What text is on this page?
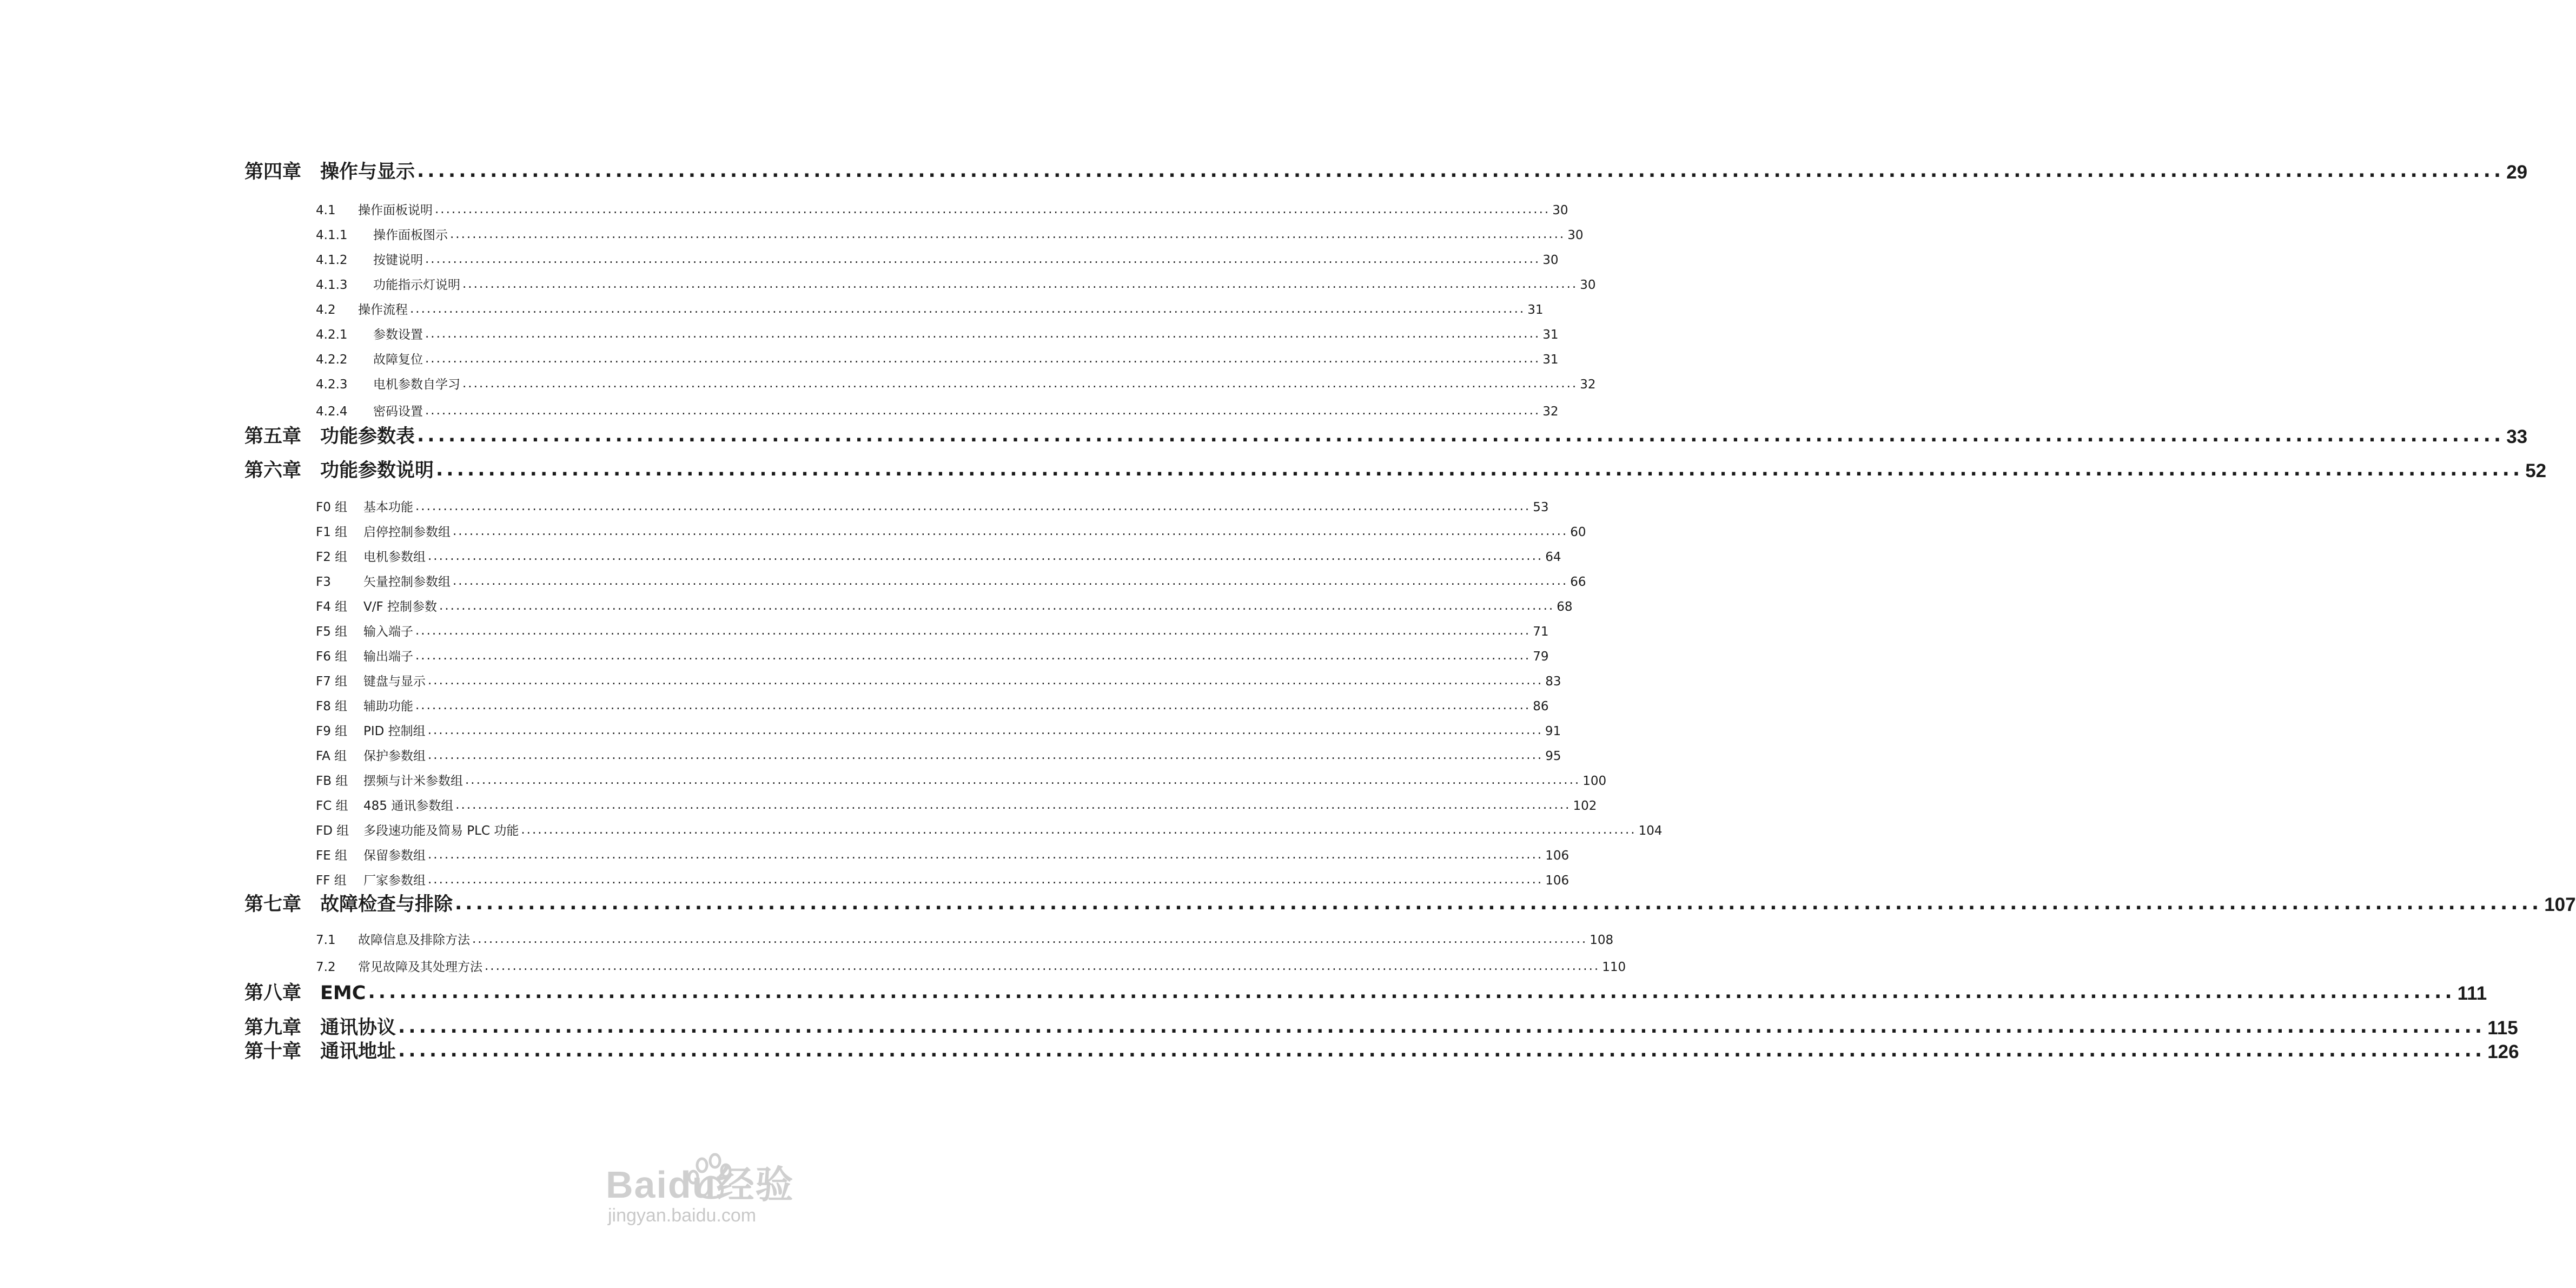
第四章 操作与显示 ........................................................................................................................................................................................................ 29
4.1	操作面板说明 ........................................................................................................................................................................................................ 30
4.1.1	操作面板图示 ........................................................................................................................................................................................................ 30
4.1.2	按键说明 ........................................................................................................................................................................................................ 30
4.1.3	功能指示灯说明 ........................................................................................................................................................................................................ 30
4.2	操作流程 ........................................................................................................................................................................................................ 31
4.2.1	参数设置 ........................................................................................................................................................................................................ 31
4.2.2	故障复位 ........................................................................................................................................................................................................ 31
4.2.3	电机参数自学习 ........................................................................................................................................................................................................ 32
4.2.4	密码设置 ........................................................................................................................................................................................................ 32
第五章 功能参数表 ........................................................................................................................................................................................................ 33
第六章 功能参数说明 ........................................................................................................................................................................................................ 52
F0 组	基本功能 ........................................................................................................................................................................................................ 53
F1 组	启停控制参数组 ........................................................................................................................................................................................................ 60
F2 组	电机参数组 ........................................................................................................................................................................................................ 64
F3	矢量控制参数组 ........................................................................................................................................................................................................ 66
F4 组	V/F 控制参数 ........................................................................................................................................................................................................ 68
F5 组	输入端子 ........................................................................................................................................................................................................ 71
F6 组	输出端子 ........................................................................................................................................................................................................ 79
F7 组	键盘与显示 ........................................................................................................................................................................................................ 83
F8 组	辅助功能 ........................................................................................................................................................................................................ 86
F9 组	PID 控制组 ........................................................................................................................................................................................................ 91
FA 组	保护参数组 ........................................................................................................................................................................................................ 95
FB 组	摆频与计米参数组 ........................................................................................................................................................................................................ 100
FC 组	485 通讯参数组 ........................................................................................................................................................................................................ 102
FD 组	多段速功能及简易 PLC 功能 ........................................................................................................................................................................................................ 104
FE 组	保留参数组 ........................................................................................................................................................................................................ 106
FF 组	厂家参数组 ........................................................................................................................................................................................................ 106
第七章 故障检查与排除 ........................................................................................................................................................................................................ 107
7.1	故障信息及排除方法 ........................................................................................................................................................................................................ 108
7.2	常见故障及其处理方法 ........................................................................................................................................................................................................ 110
第八章 EMC ........................................................................................................................................................................................................ 111
第九章 通讯协议 ........................................................................................................................................................................................................ 115
第十章 通讯地址 ........................................................................................................................................................................................................ 126
Baidu经验
jingyan.baidu.com
